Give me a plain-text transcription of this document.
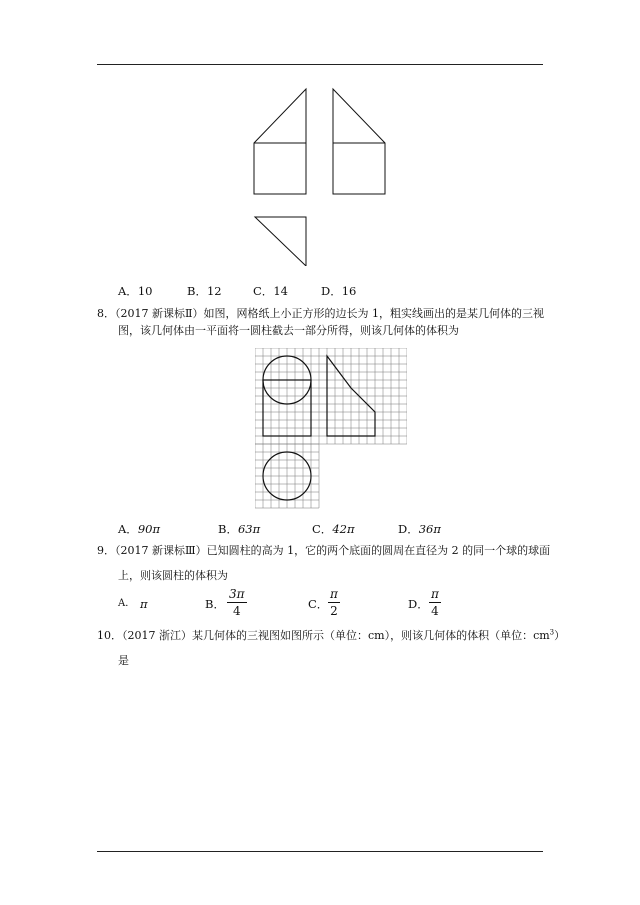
A．10	B．12	C．14	D．16
8．（2017 新课标Ⅱ）如图，网格纸上小正方形的边长为 1，粗实线画出的是某几何体的三视
图，该几何体由一平面将一圆柱截去一部分所得，则该几何体的体积为
A．90π	B．63π	C．42π	D．36π
9．（2017 新课标Ⅲ）已知圆柱的高为 1，它的两个底面的圆周在直径为 2 的同一个球的球面
上，则该圆柱的体积为
A． π	B． $\frac{3\pi}{4}$	C． $\frac{\pi}{2}$	D． $\frac{\pi}{4}$
10．（2017 浙江）某几何体的三视图如图所示（单位：cm），则该几何体的体积（单位：$cm^3$）
是
